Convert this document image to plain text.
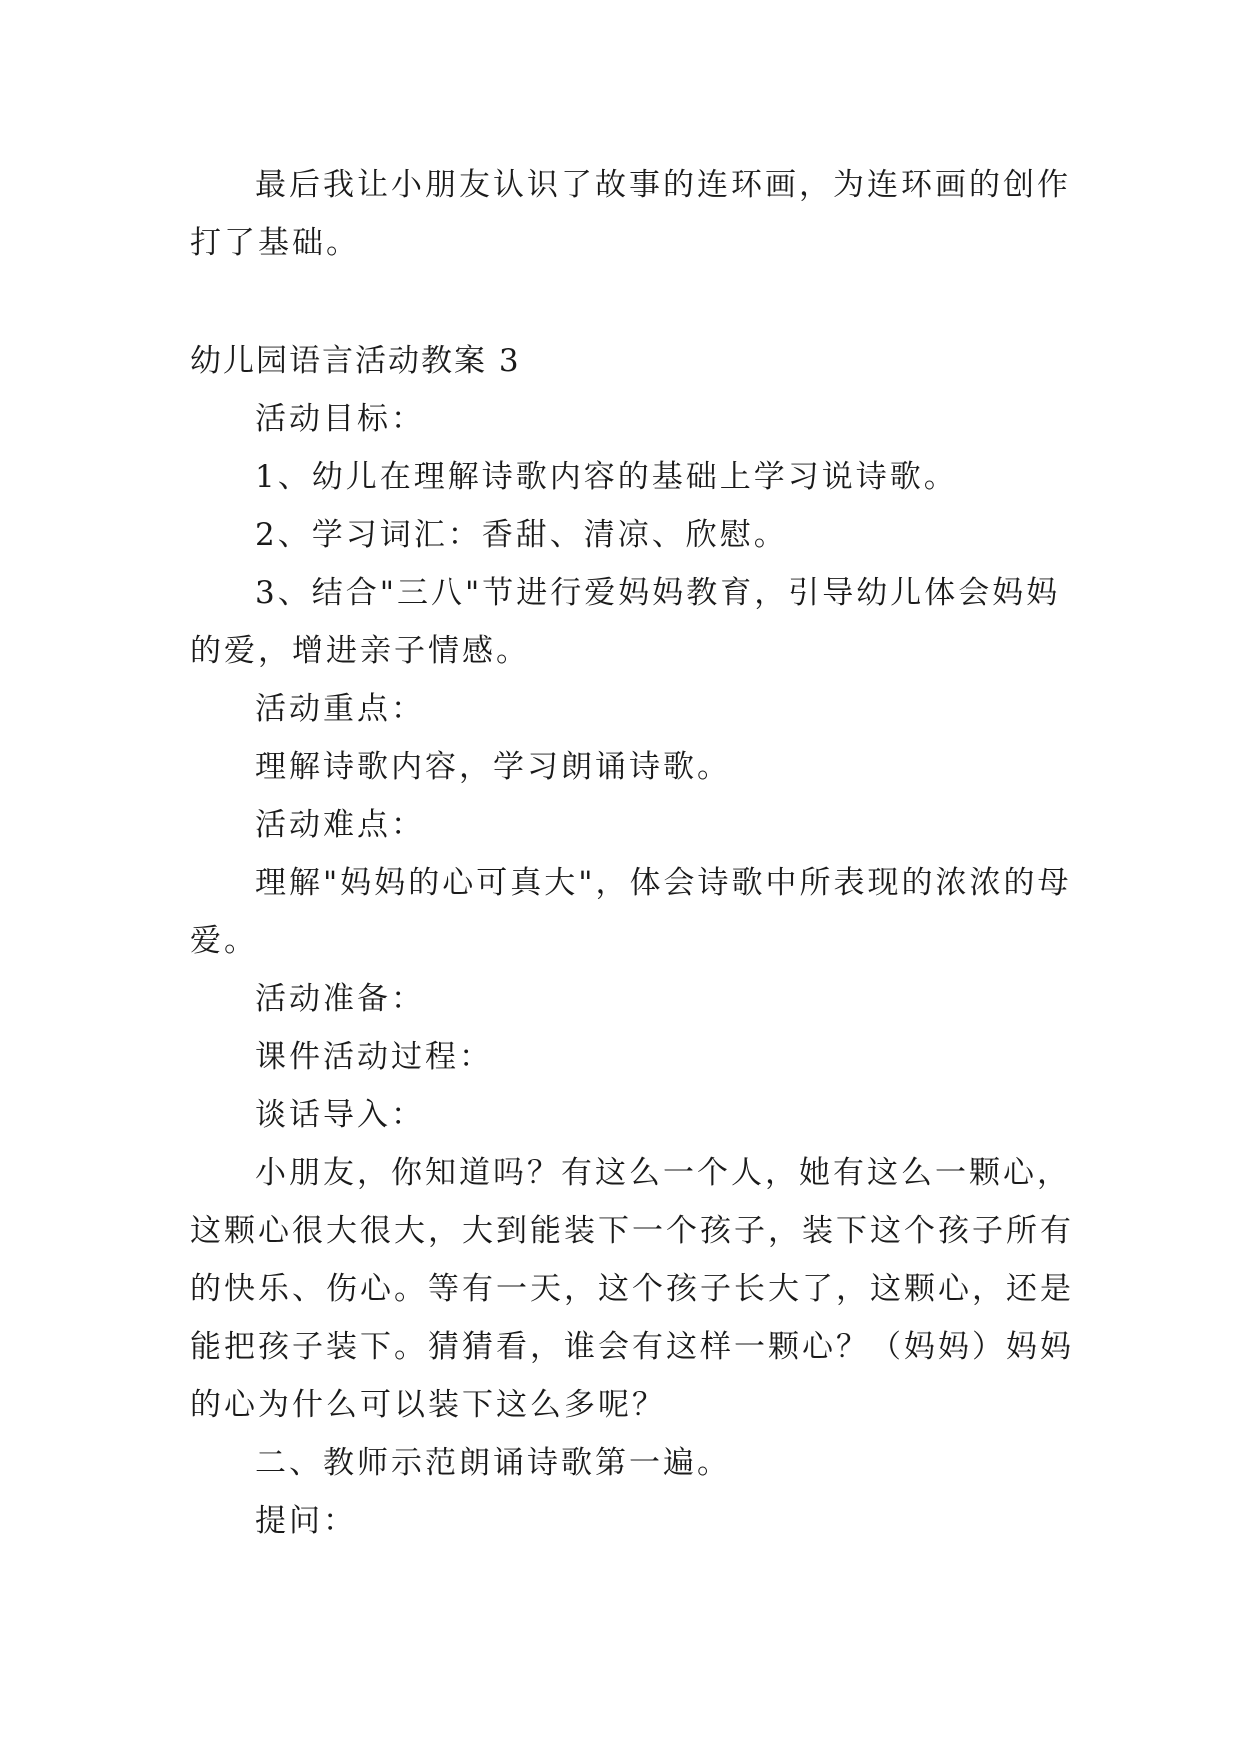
最后我让小朋友认识了故事的连环画，为连环画的创作
打了基础。
幼儿园语言活动教案 3
活动目标：
1、幼儿在理解诗歌内容的基础上学习说诗歌。
2、学习词汇：香甜、清凉、欣慰。
3、结合"三八"节进行爱妈妈教育，引导幼儿体会妈妈
的爱，增进亲子情感。
活动重点：
理解诗歌内容，学习朗诵诗歌。
活动难点：
理解"妈妈的心可真大"，体会诗歌中所表现的浓浓的母
爱。
活动准备：
课件活动过程：
谈话导入：
小朋友，你知道吗？有这么一个人，她有这么一颗心，
这颗心很大很大，大到能装下一个孩子，装下这个孩子所有
的快乐、伤心。等有一天，这个孩子长大了，这颗心，还是
能把孩子装下。猜猜看，谁会有这样一颗心？（妈妈）妈妈
的心为什么可以装下这么多呢？
二、教师示范朗诵诗歌第一遍。
提问：
